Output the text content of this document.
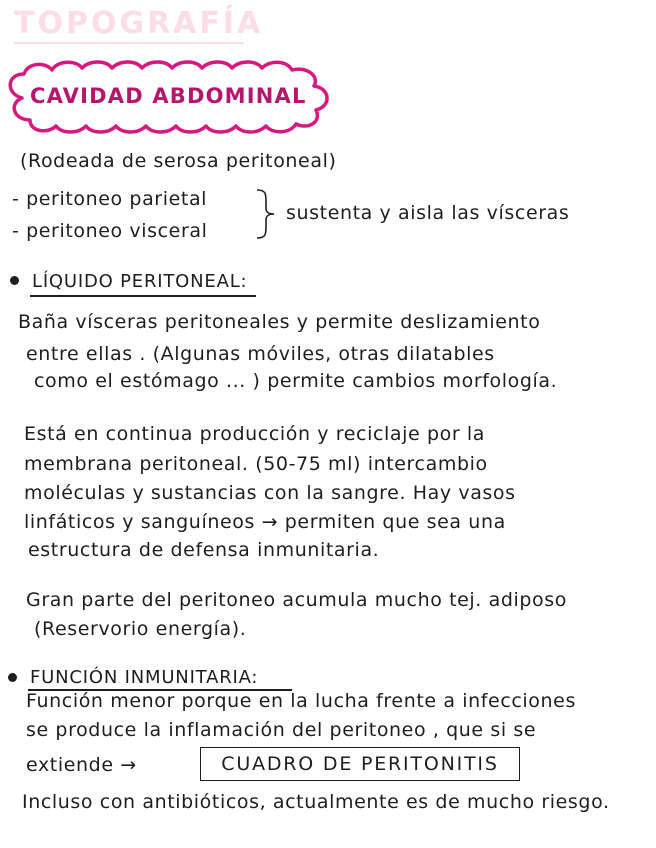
TOPOGRAFÍA
CAVIDAD ABDOMINAL
(Rodeada de serosa peritoneal)
- peritoneo parietal
- peritoneo visceral
sustenta y aisla las vísceras
LÍQUIDO PERITONEAL:
Baña vísceras peritoneales y permite deslizamiento
entre ellas . (Algunas móviles, otras dilatables
como el estómago ... ) permite cambios morfología.
Está en continua producción y reciclaje por la
membrana peritoneal. (50-75 ml) intercambio
moléculas y sustancias con la sangre. Hay vasos
linfáticos y sanguíneos → permiten que sea una
estructura de defensa inmunitaria.
Gran parte del peritoneo acumula mucho tej. adiposo
(Reservorio energía).
FUNCIÓN INMUNITARIA:
Función menor porque en la lucha frente a infecciones
se produce la inflamación del peritoneo , que si se
extiende →	CUADRO DE PERITONITIS
Incluso con antibióticos, actualmente es de mucho riesgo.
